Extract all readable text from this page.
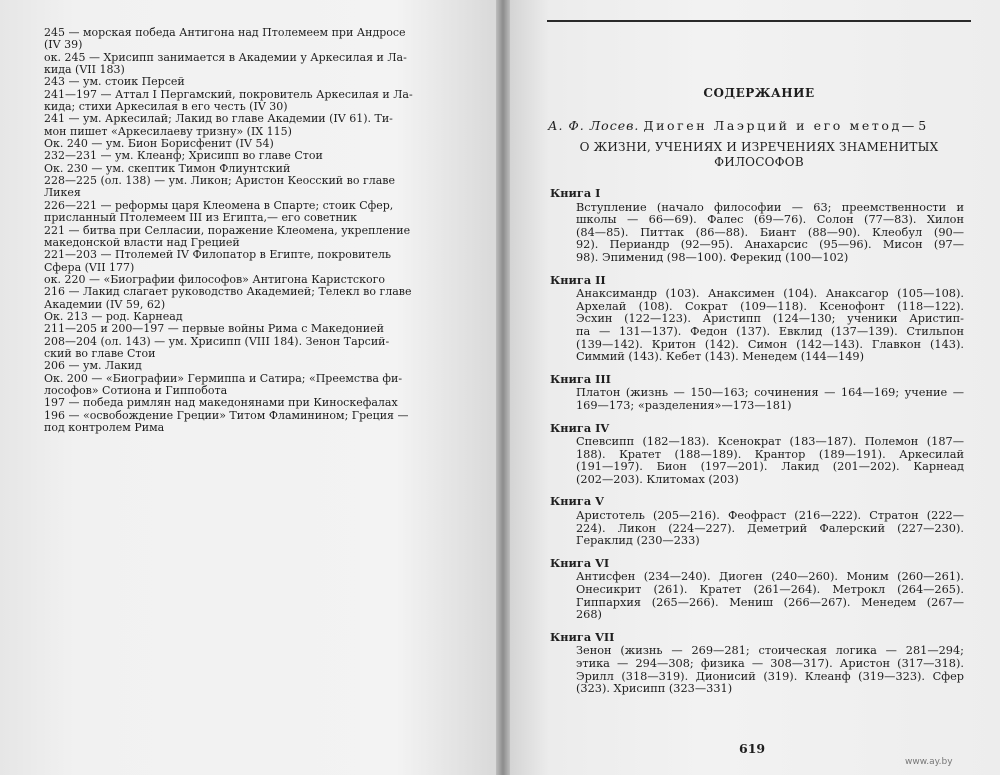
245 — морская победа Антигона над Птолемеем при Андросе
(IV 39)
ок. 245 — Хрисипп занимается в Академии у Аркесилая и Ла-
кида (VII 183)
243 — ум. стоик Персей
241—197 — Аттал I Пергамский, покровитель Аркесилая и Ла-
кида; стихи Аркесилая в его честь (IV 30)
241 — ум. Аркесилай; Лакид во главе Академии (IV 61). Ти-
мон пишет «Аркесилаеву тризну» (IX 115)
Ок. 240 — ум. Бион Борисфенит (IV 54)
232—231 — ум. Клеанф; Хрисипп во главе Стои
Ок. 230 — ум. скептик Тимон Флиунтский
228—225 (ол. 138) — ум. Ликон; Аристон Кеосский во главе
Ликея
226—221 — реформы царя Клеомена в Спарте; стоик Сфер,
присланный Птолемеем III из Египта,— его советник
221 — битва при Селласии, поражение Клеомена, укрепление
македонской власти над Грецией
221—203 — Птолемей IV Филопатор в Египте, покровитель
Сфера (VII 177)
ок. 220 — «Биографии философов» Антигона Каристского
216 — Лакид слагает руководство Академией; Телекл во главе
Академии (IV 59, 62)
Ок. 213 — род. Карнеад
211—205 и 200—197 — первые войны Рима с Македонией
208—204 (ол. 143) — ум. Хрисипп (VIII 184). Зенон Тарсий-
ский во главе Стои
206 — ум. Лакид
Ок. 200 — «Биографии» Гермиппа и Сатира; «Преемства фи-
лософов» Сотиона и Гиппобота
197 — победа римлян над македонянами при Киноскефалах
196 — «освобождение Греции» Титом Фламинином; Греция —
под контролем Рима
СОДЕРЖАНИЕ
А. Ф. Лосев. Диоген Лаэрций и его метод— 5
О ЖИЗНИ, УЧЕНИЯХ И ИЗРЕЧЕНИЯХ ЗНАМЕНИТЫХ
ФИЛОСОФОВ
Книга I
Вступление (начало философии — 63; преемственности и
школы — 66—69). Фалес (69—76). Солон (77—83). Хилон
(84—85). Питтак (86—88). Биант (88—90). Клеобул (90—
92). Периандр (92—95). Анахарсис (95—96). Мисон (97—
98). Эпименид (98—100). Ферекид (100—102)
Книга II
Анаксимандр (103). Анаксимен (104). Анаксагор (105—108).
Архелай (108). Сократ (109—118). Ксенофонт (118—122).
Эсхин (122—123). Аристипп (124—130; ученики Аристип-
па — 131—137). Федон (137). Евклид (137—139). Стильпон
(139—142). Критон (142). Симон (142—143). Главкон (143).
Симмий (143). Кебет (143). Менедем (144—149)
Книга III
Платон (жизнь — 150—163; сочинения — 164—169; учение —
169—173; «разделения»—173—181)
Книга IV
Спевсипп (182—183). Ксенократ (183—187). Полемон (187—
188). Кратет (188—189). Крантор (189—191). Аркесилай
(191—197). Бион (197—201). Лакид (201—202). Карнеад
(202—203). Клитомах (203)
Книга V
Аристотель (205—216). Феофраст (216—222). Стратон (222—
224). Ликон (224—227). Деметрий Фалерский (227—230).
Гераклид (230—233)
Книга VI
Антисфен (234—240). Диоген (240—260). Моним (260—261).
Онесикрит (261). Кратет (261—264). Метрокл (264—265).
Гиппархия (265—266). Мениш (266—267). Менедем (267—
268)
Книга VII
Зенон (жизнь — 269—281; стоическая логика — 281—294;
этика — 294—308; физика — 308—317). Аристон (317—318).
Эрилл (318—319). Дионисий (319). Клеанф (319—323). Сфер
(323). Хрисипп (323—331)
619
www.ay.by
